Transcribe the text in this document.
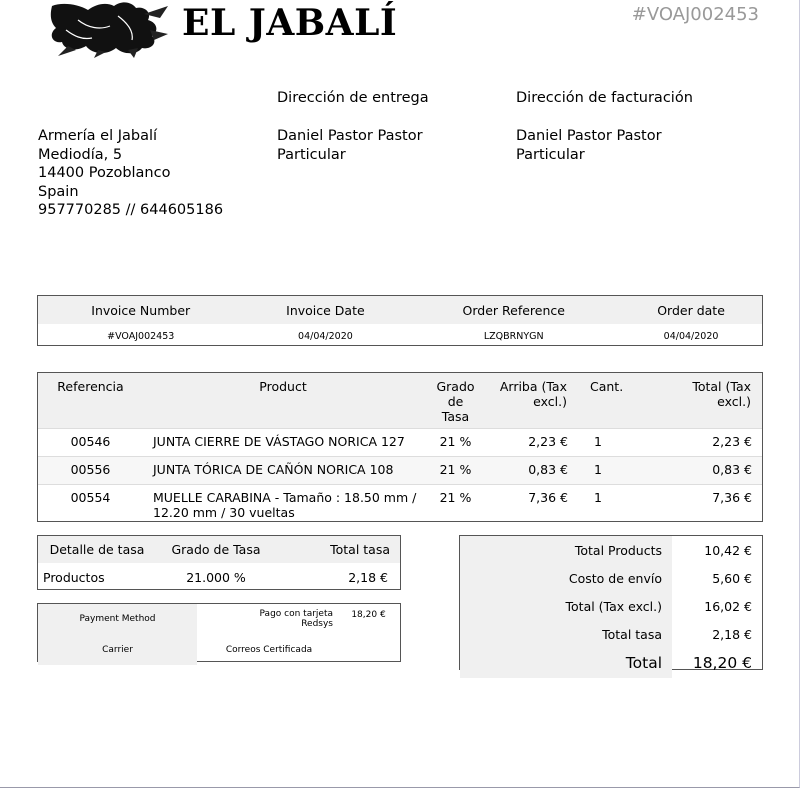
EL JABALÍ	#VOAJ002453
Dirección de entrega	Dirección de facturación
Armería el Jabalí
Mediodía, 5
14400 Pozoblanco
Spain
957770285 // 644605186
Daniel Pastor Pastor
Particular
Daniel Pastor Pastor
Particular
Invoice Number	Invoice Date	Order Reference	Order date
#VOAJ002453	04/04/2020	LZQBRNYGN	04/04/2020
Referencia	Product	Grado de Tasa	Arriba (Tax excl.)	Cant.	Total (Tax excl.)

00546	JUNTA CIERRE DE VÁSTAGO NORICA 127	21 %	2,23 €	1	2,23 €
00556	JUNTA TÓRICA DE CAÑÓN NORICA 108	21 %	0,83 €	1	0,83 €
00554	MUELLE CARABINA - Tamaño : 18.50 mm / 12.20 mm / 30 vueltas	21 %	7,36 €	1	7,36 €
Detalle de tasa	Grado de Tasa	Total tasa
Productos	21.000 %	2,18 €
Payment Method	Pago con tarjeta Redsys	18,20 €
Carrier	Correos Certificada	
Total Products	10,42 €
Costo de envío	5,60 €
Total (Tax excl.)	16,02 €
Total tasa	2,18 €
Total	18,20 €
